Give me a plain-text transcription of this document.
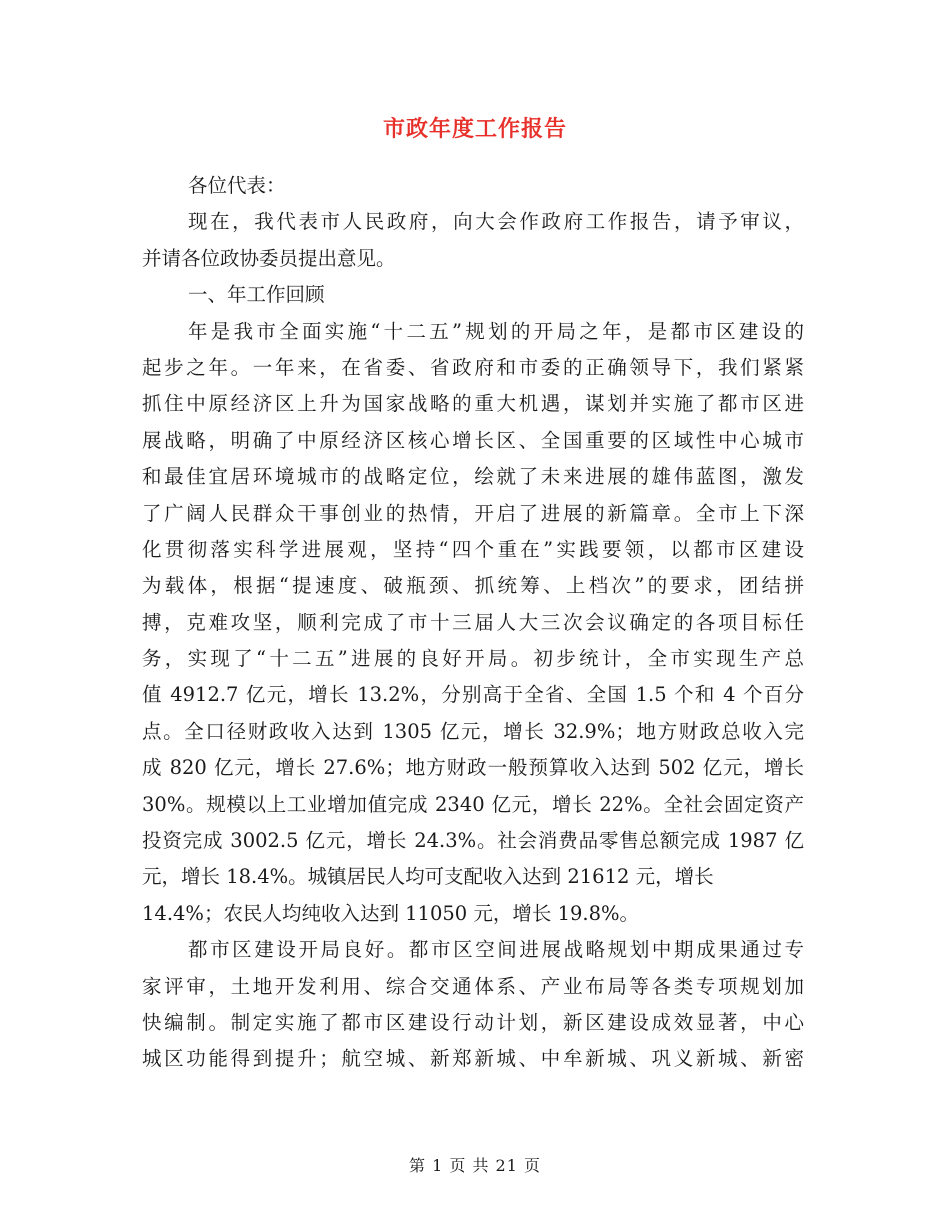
市政年度工作报告
各位代表：
现在，我代表市人民政府，向大会作政府工作报告，请予审议，
并请各位政协委员提出意见。
一、年工作回顾
年是我市全面实施“十二五”规划的开局之年，是都市区建设的
起步之年。一年来，在省委、省政府和市委的正确领导下，我们紧紧
抓住中原经济区上升为国家战略的重大机遇，谋划并实施了都市区进
展战略，明确了中原经济区核心增长区、全国重要的区域性中心城市
和最佳宜居环境城市的战略定位，绘就了未来进展的雄伟蓝图，激发
了广阔人民群众干事创业的热情，开启了进展的新篇章。全市上下深
化贯彻落实科学进展观，坚持“四个重在”实践要领，以都市区建设
为载体，根据“提速度、破瓶颈、抓统筹、上档次”的要求，团结拼
搏，克难攻坚，顺利完成了市十三届人大三次会议确定的各项目标任
务，实现了“十二五”进展的良好开局。初步统计，全市实现生产总
值 4912.7 亿元，增长 13.2%，分别高于全省、全国 1.5 个和 4 个百分
点。全口径财政收入达到 1305 亿元，增长 32.9%；地方财政总收入完
成 820 亿元，增长 27.6%；地方财政一般预算收入达到 502 亿元，增长
30%。规模以上工业增加值完成 2340 亿元，增长 22%。全社会固定资产
投资完成 3002.5 亿元，增长 24.3%。社会消费品零售总额完成 1987 亿
元，增长 18.4%。城镇居民人均可支配收入达到 21612 元，增长
14.4%；农民人均纯收入达到 11050 元，增长 19.8%。
都市区建设开局良好。都市区空间进展战略规划中期成果通过专
家评审，土地开发利用、综合交通体系、产业布局等各类专项规划加
快编制。制定实施了都市区建设行动计划，新区建设成效显著，中心
城区功能得到提升；航空城、新郑新城、中牟新城、巩义新城、新密
第 1 页 共 21 页
